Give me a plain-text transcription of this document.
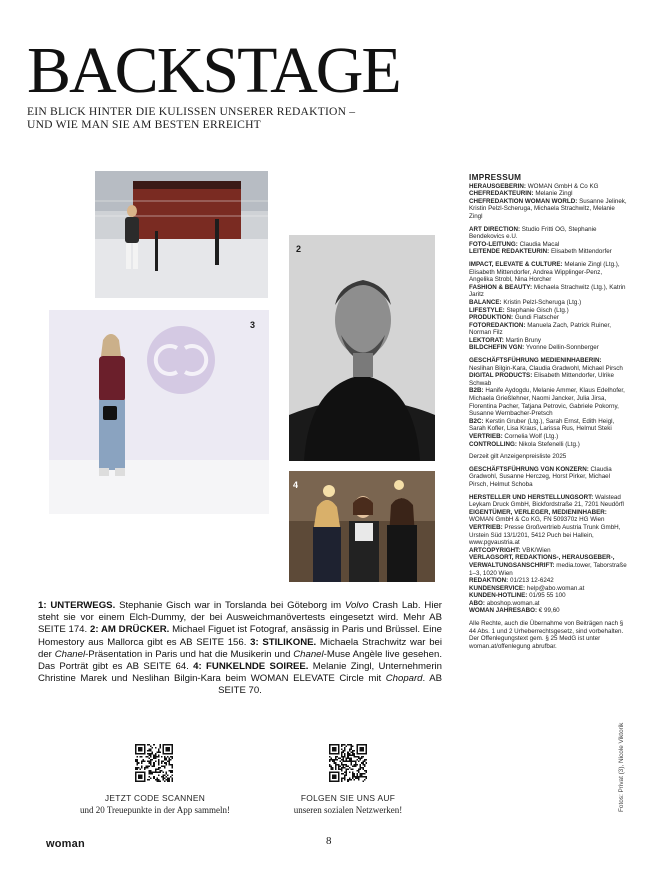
BACKSTAGE

EIN BLICK HINTER DIE KULISSEN UNSERER REDAKTION –
UND WIE MAN SIE AM BESTEN ERREICHT

2
3
4
IMPRESSUM
HERAUSGEBERIN: WOMAN GmbH & Co KG
CHEFREDAKTEURIN: Melanie Zingl
CHEFREDAKTION WOMAN WORLD: Susanne Jelinek, Kristin Pelzl-Scheruga, Michaela Strachwitz, Melanie Zingl

ART DIRECTION: Studio Fritti OG, Stephanie Bendekovics e.U.
FOTO-LEITUNG: Claudia Macal
LEITENDE REDAKTEURIN: Elisabeth Mittendorfer

IMPACT, ELEVATE & CULTURE: Melanie Zingl (Ltg.), Elisabeth Mittendorfer, Andrea Wipplinger-Penz, Angelika Strobl, Nina Horcher
FASHION & BEAUTY: Michaela Strachwitz (Ltg.), Katrin Jaritz
BALANCE: Kristin Pelzl-Scheruga (Ltg.)
LIFESTYLE: Stephanie Gisch (Ltg.)
PRODUKTION: Gundi Flatscher
FOTOREDAKTION: Manuela Zach, Patrick Ruiner, Norman Filz
LEKTORAT: Martin Bruny
BILDCHEFIN VGN: Yvonne Dellin-Sonnberger

GESCHÄFTSFÜHRUNG MEDIENINHABERIN: Neslihan Bilgin-Kara, Claudia Gradwohl, Michael Pirsch
DIGITAL PRODUCTS: Elisabeth Mittendorfer, Ulrike Schwab
B2B: Hanife Aydogdu, Melanie Ammer, Klaus Edelhofer, Michaela Grießlehner, Naomi Jancker, Julia Jirsa, Florentina Pacher, Tatjana Petrovic, Gabriele Pokorny, Susanne Wernbacher-Pretsch
B2C: Kerstin Gruber (Ltg.), Sarah Ernst, Edith Heigl, Sarah Kofler, Lisa Kraus, Larissa Rus, Helmut Steki
VERTRIEB: Cornelia Wolf (Ltg.)
CONTROLLING: Nikola Stefenelli (Ltg.)

Derzeit gilt Anzeigenpreisliste 2025

GESCHÄFTSFÜHRUNG VGN KONZERN: Claudia Gradwohl, Susanne Herczeg, Horst Pirker, Michael Pirsch, Helmut Schoba

HERSTELLER UND HERSTELLUNGSORT: Walstead Leykam Druck GmbH, Bickfordstraße 21, 7201 Neudörfl
EIGENTÜMER, VERLEGER, MEDIENINHABER: WOMAN GmbH & Co KG, FN 509370z HG Wien
VERTRIEB: Presse Großvertrieb Austria Trunk GmbH, Urstein Süd 13/1/201, 5412 Puch bei Hallein, www.pgvaustria.at
ARTCOPYRIGHT: VBK/Wien
VERLAGSORT, REDAKTIONS-, HERAUSGEBER-, VERWALTUNGSANSCHRIFT: media.tower, Taborstraße 1–3, 1020 Wien
REDAKTION: 01/213 12-6242
KUNDENSERVICE: help@abo.woman.at
KUNDEN-HOTLINE: 01/95 55 100
ABO: aboshop.woman.at
WOMAN JAHRESABO: € 99,60

Alle Rechte, auch die Übernahme von Beiträgen nach § 44 Abs. 1 und 2 Urheberrechtsgesetz, sind vorbehalten. Der Offenlegungstext gem. § 25 MedG ist unter woman.at/offenlegung abrufbar.

1: UNTERWEGS. Stephanie Gisch war in Torslanda bei Göteborg im Volvo Crash Lab. Hier steht sie vor einem Elch-Dummy, der bei Ausweichmanövertests eingesetzt wird. Mehr AB SEITE 174. 2: AM DRÜCKER. Michael Figuet ist Fotograf, ansässig in Paris und Brüssel. Eine Homestory aus Mallorca gibt es AB SEITE 156. 3: STILIKONE. Michaela Strachwitz war bei der Chanel-Präsentation in Paris und hat die Musikerin und Chanel-Muse Angèle live gesehen. Das Porträt gibt es AB SEITE 64. 4: FUNKELNDE SOIREE. Melanie Zingl, Unternehmerin Christine Marek und Neslihan Bilgin-Kara beim WOMAN ELEVATE Circle mit Chopard. AB SEITE 70.
JETZT CODE SCANNEN
und 20 Treuepunkte in der App sammeln!
FOLGEN SIE UNS AUF
unseren sozialen Netzwerken!
woman	8
Fotos: Privat (3), Nicole Viktorik
